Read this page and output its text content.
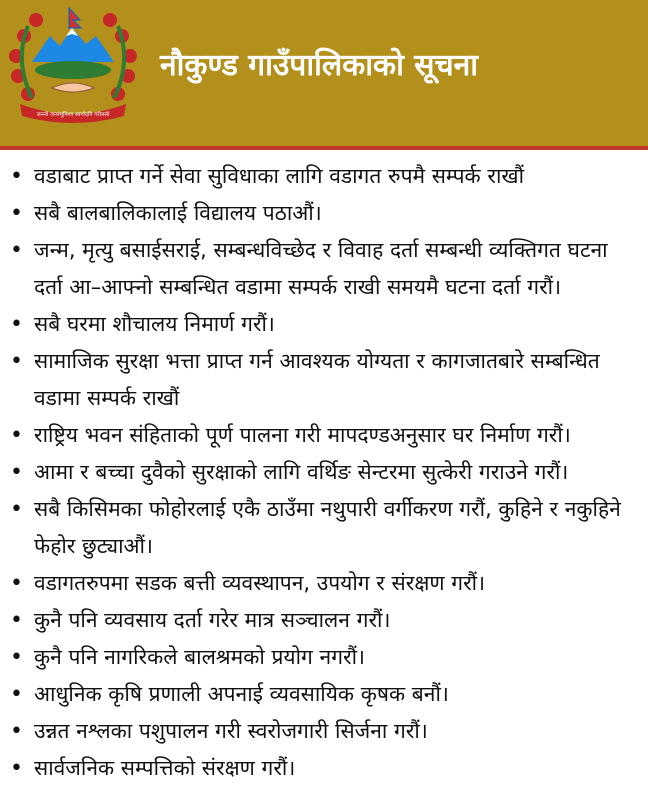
जननी जन्मभूमिश्च स्वर्गादपि गरीयसी
नौकुण्ड गाउँपालिकाको सूचना
• वडाबाट प्राप्त गर्ने सेवा सुविधाका लागि वडागत रुपमै सम्पर्क राखौं
• सबै बालबालिकालाई विद्यालय पठाऔं।
• जन्म, मृत्यु बसाईसराई, सम्बन्धविच्छेद र विवाह दर्ता सम्बन्धी व्यक्तिगत घटना दर्ता आ–आफ्नो सम्बन्धित वडामा सम्पर्क राखी समयमै घटना दर्ता गरौं।
• सबै घरमा शौचालय निमार्ण गरौं।
• सामाजिक सुरक्षा भत्ता प्राप्त गर्न आवश्यक योग्यता र कागजातबारे सम्बन्धित वडामा सम्पर्क राखौं
• राष्ट्रिय भवन संहिताको पूर्ण पालना गरी मापदण्डअनुसार घर निर्माण गरौं।
• आमा र बच्चा दुवैको सुरक्षाको लागि वर्थिङ सेन्टरमा सुत्केरी गराउने गरौं।
• सबै किसिमका फोहोरलाई एकै ठाउँमा नथुपारी वर्गीकरण गरौं, कुहिने र नकुहिने फेहोर छुट्याऔं।
• वडागतरुपमा सडक बत्ती व्यवस्थापन, उपयोग र संरक्षण गरौं।
• कुनै पनि व्यवसाय दर्ता गरेर मात्र सञ्चालन गरौं।
• कुनै पनि नागरिकले बालश्रमको प्रयोग नगरौं।
• आधुनिक कृषि प्रणाली अपनाई व्यवसायिक कृषक बनौं।
• उन्नत नश्लका पशुपालन गरी स्वरोजगारी सिर्जना गरौं।
• सार्वजनिक सम्पत्तिको संरक्षण गरौं।
